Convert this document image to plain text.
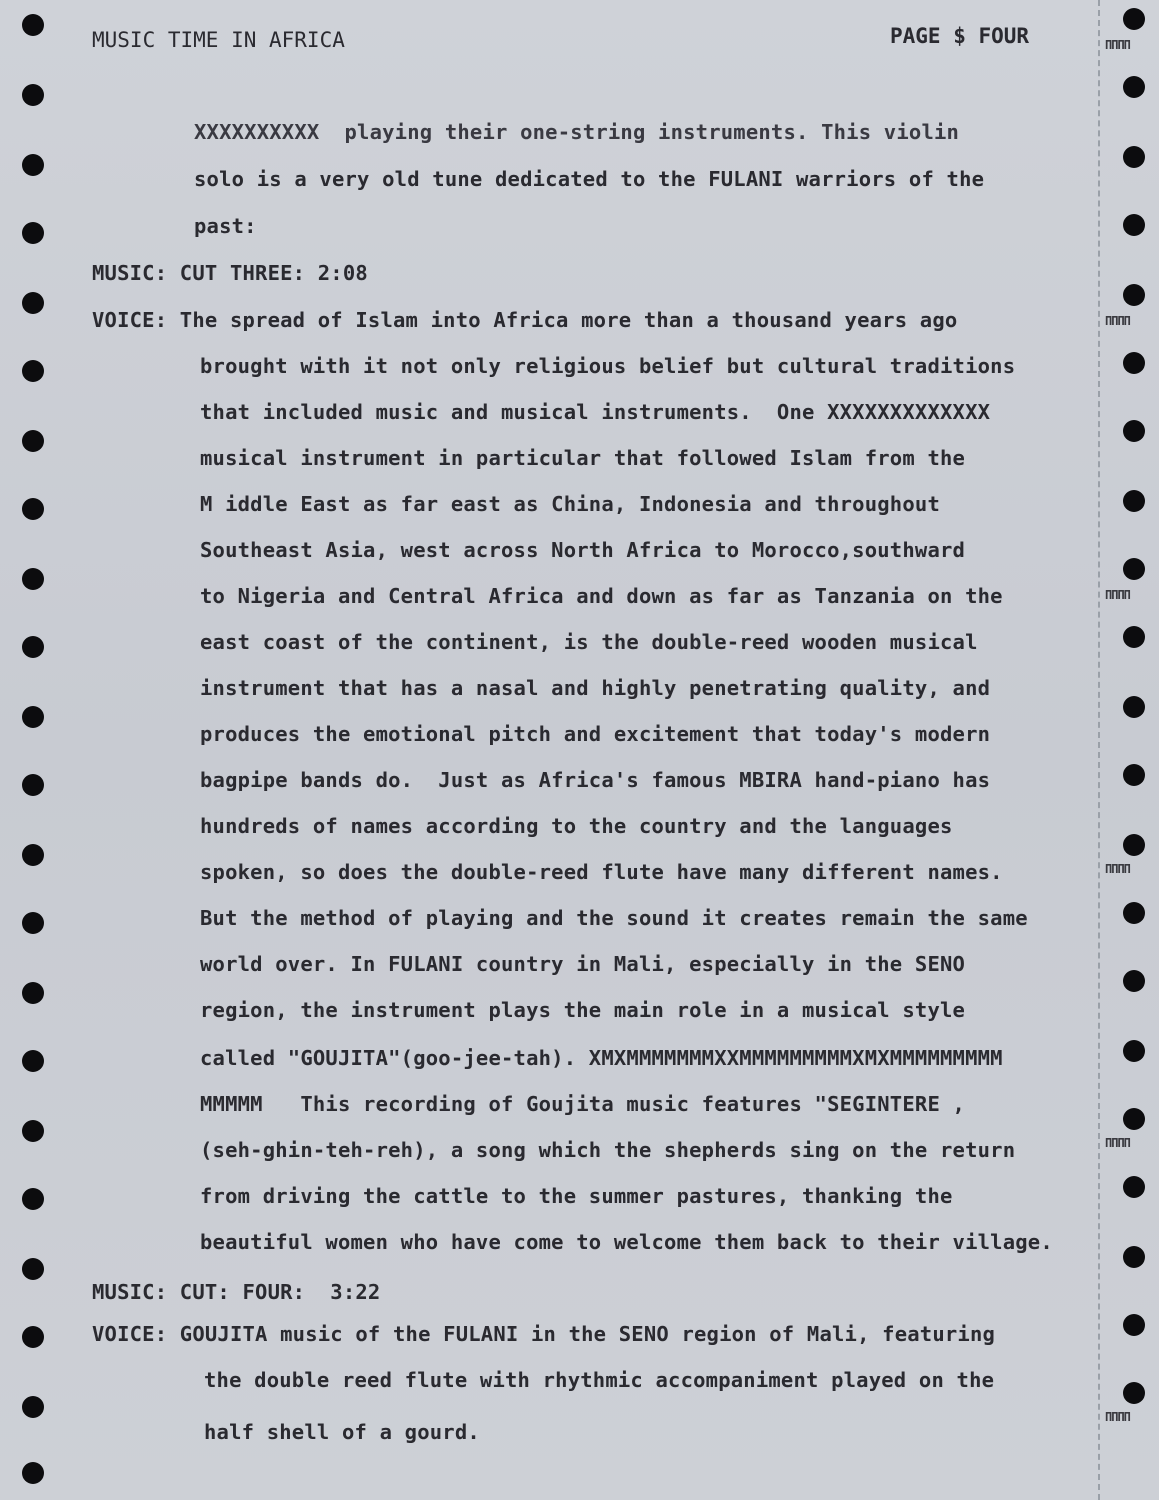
ΠΠΠΠ
ΠΠΠΠ
ΠΠΠΠ
ΠΠΠΠ
ΠΠΠΠ
ΠΠΠΠ
MUSIC TIME IN AFRICA	PAGE $ FOUR
XXXXXXXXXX  playing their one-string instruments. This violin
solo is a very old tune dedicated to the FULANI warriors of the
past:
MUSIC: CUT THREE: 2:08
VOICE: The spread of Islam into Africa more than a thousand years ago
brought with it not only religious belief but cultural traditions
that included music and musical instruments.  One XXXXXXXXXXXXX
musical instrument in particular that followed Islam from the
M iddle East as far east as China, Indonesia and throughout
Southeast Asia, west across North Africa to Morocco,southward
to Nigeria and Central Africa and down as far as Tanzania on the
east coast of the continent, is the double-reed wooden musical
instrument that has a nasal and highly penetrating quality, and
produces the emotional pitch and excitement that today's modern
bagpipe bands do.  Just as Africa's famous MBIRA hand-piano has
hundreds of names according to the country and the languages
spoken, so does the double-reed flute have many different names.
But the method of playing and the sound it creates remain the same
world over. In FULANI country in Mali, especially in the SENO
region, the instrument plays the main role in a musical style
called "GOUJITA"(goo-jee-tah). XMXMMMMMMMXXMMMMMMMMMXMXMMMMMMMMM
MMMMM   This recording of Goujita music features "SEGINTERE ,
(seh-ghin-teh-reh), a song which the shepherds sing on the return
from driving the cattle to the summer pastures, thanking the
beautiful women who have come to welcome them back to their village.
MUSIC: CUT: FOUR:  3:22
VOICE: GOUJITA music of the FULANI in the SENO region of Mali, featuring
the double reed flute with rhythmic accompaniment played on the
half shell of a gourd.
